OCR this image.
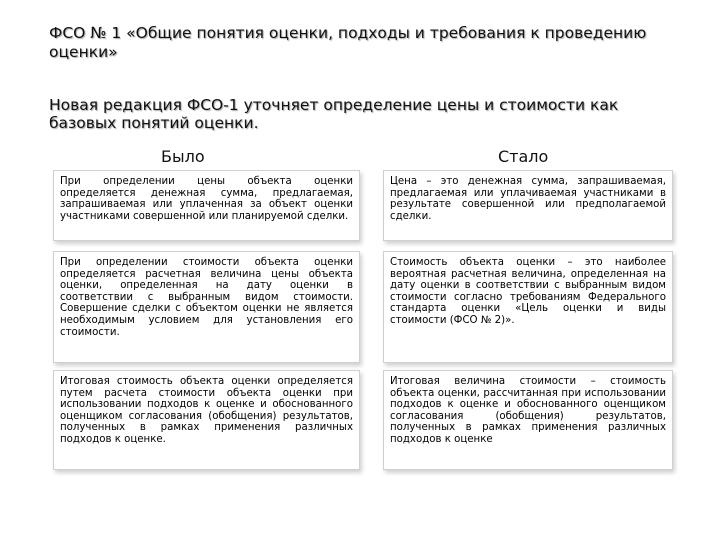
ФСО № 1 «Общие понятия оценки, подходы и требования к проведению оценки»
Новая редакция ФСО-1 уточняет определение цены и стоимости как базовых понятий оценки.
Было	Стало
При определении цены объекта оценки определяется денежная сумма, предлагаемая, запрашиваемая или уплаченная за объект оценки участниками совершенной или планируемой сделки.
Цена – это денежная сумма, запрашиваемая, предлагаемая или уплачиваемая участниками в результате совершенной или предполагаемой сделки.
При определении стоимости объекта оценки определяется расчетная величина цены объекта оценки, определенная на дату оценки в соответствии с выбранным видом стоимости. Совершение сделки с объектом оценки не является необходимым условием для установления его стоимости.
Стоимость объекта оценки – это наиболее вероятная расчетная величина, определенная на дату оценки в соответствии с выбранным видом стоимости согласно требованиям Федерального стандарта оценки «Цель оценки и виды стоимости (ФСО № 2)».
Итоговая стоимость объекта оценки определяется путем расчета стоимости объекта оценки при использовании подходов к оценке и обоснованного оценщиком согласования (обобщения) результатов, полученных в рамках применения различных подходов к оценке.
Итоговая величина стоимости – стоимость объекта оценки, рассчитанная при использовании подходов к оценке и обоснованного оценщиком согласования (обобщения) результатов, полученных в рамках применения различных подходов к оценке
